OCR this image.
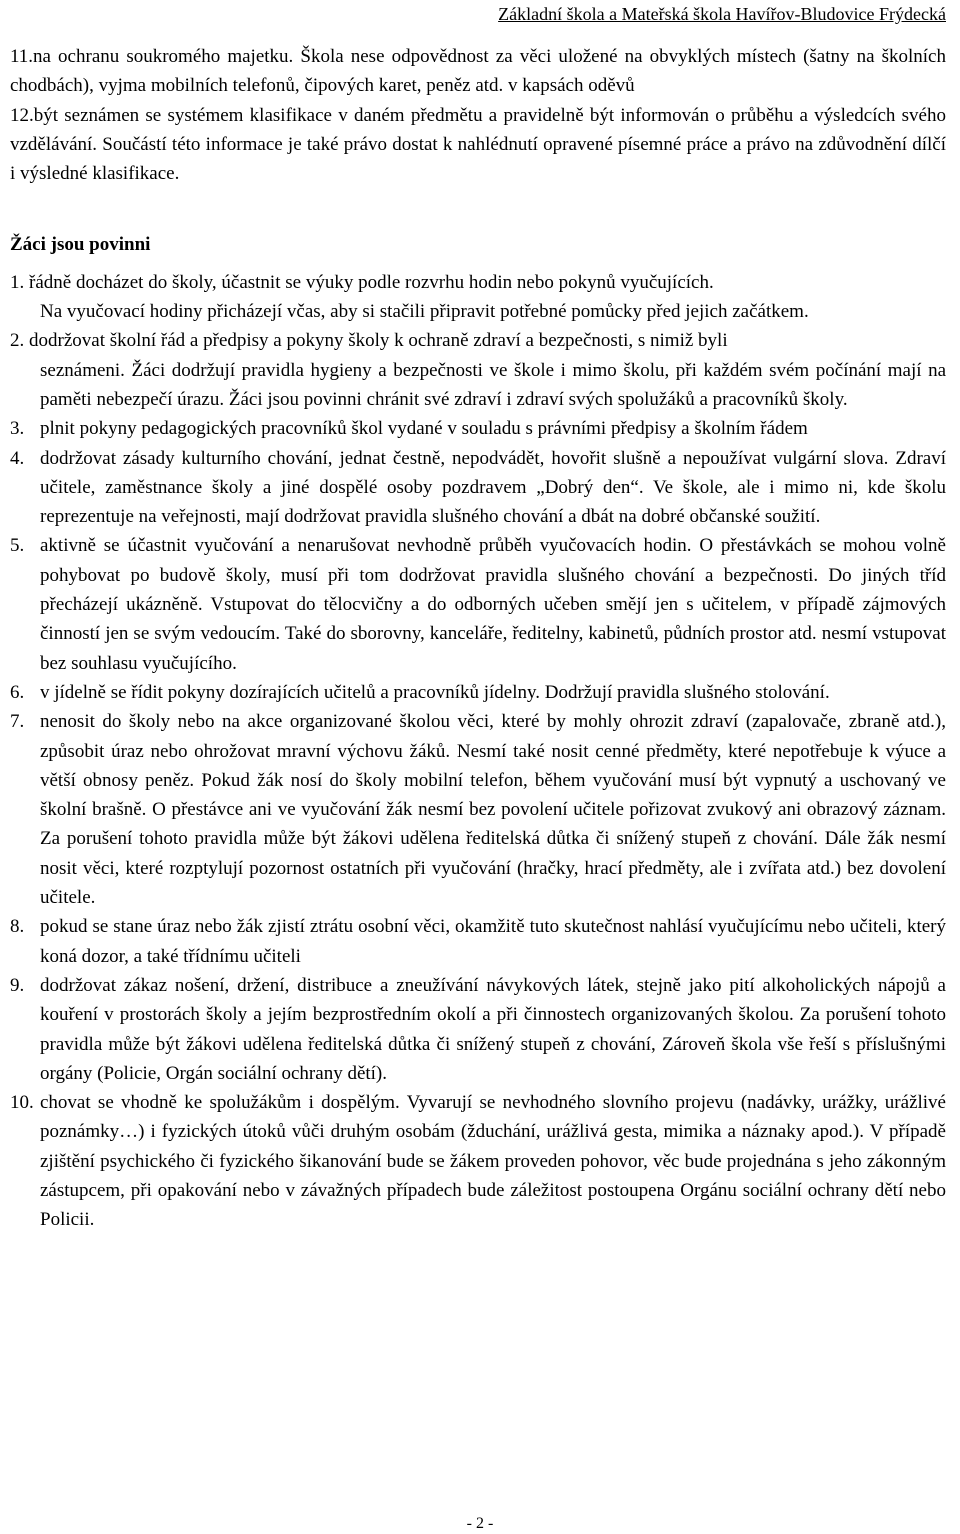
Základní škola a Mateřská škola Havířov-Bludovice Frýdecká

11.na ochranu soukromého majetku. Škola nese odpovědnost za věci uložené na obvyklých místech (šatny na školních chodbách), vyjma mobilních telefonů, čipových karet, peněz atd. v kapsách oděvů

12.být seznámen se systémem klasifikace v daném předmětu a pravidelně být informován o průběhu a výsledcích svého vzdělávání. Součástí této informace je také právo dostat k nahlédnutí opravené písemné práce a právo na zdůvodnění dílčí i výsledné klasifikace.

Žáci jsou povinni

1. řádně docházet do školy, účastnit se výuky podle rozvrhu hodin nebo pokynů vyučujících.

Na vyučovací hodiny přicházejí včas, aby si stačili připravit potřebné pomůcky před jejich začátkem.

2. dodržovat školní řád a předpisy a pokyny školy k ochraně zdraví a bezpečnosti, s nimiž byli

seznámeni. Žáci dodržují pravidla hygieny a bezpečnosti ve škole i mimo školu, při každém svém počínání mají na paměti nebezpečí úrazu. Žáci jsou povinni chránit své zdraví i zdraví svých spolužáků a pracovníků školy.

3. plnit pokyny pedagogických pracovníků škol vydané v souladu s právními předpisy a školním řádem
4. dodržovat zásady kulturního chování, jednat čestně, nepodvádět, hovořit slušně a nepoužívat vulgární slova. Zdraví učitele, zaměstnance školy a jiné dospělé osoby pozdravem „Dobrý den“. Ve škole, ale i mimo ni, kde školu reprezentuje na veřejnosti, mají dodržovat pravidla slušného chování a dbát na dobré občanské soužití.
5. aktivně se účastnit vyučování a nenarušovat nevhodně průběh vyučovacích hodin. O přestávkách se mohou volně pohybovat po budově školy, musí při tom dodržovat pravidla slušného chování a bezpečnosti. Do jiných tříd přecházejí ukázněně. Vstupovat do tělocvičny a do odborných učeben smějí jen s učitelem, v případě zájmových činností jen se svým vedoucím. Také do sborovny, kanceláře, ředitelny, kabinetů, půdních prostor atd. nesmí vstupovat bez souhlasu vyučujícího.
6. v jídelně se řídit pokyny dozírajících učitelů a pracovníků jídelny. Dodržují pravidla slušného stolování.
7. nenosit do školy nebo na akce organizované školou věci, které by mohly ohrozit zdraví (zapalovače, zbraně atd.), způsobit úraz nebo ohrožovat mravní výchovu žáků. Nesmí také nosit cenné předměty, které nepotřebuje k výuce a větší obnosy peněz. Pokud žák nosí do školy mobilní telefon, během vyučování musí být vypnutý a uschovaný ve školní brašně. O přestávce ani ve vyučování žák nesmí bez povolení učitele pořizovat zvukový ani obrazový záznam. Za porušení tohoto pravidla může být žákovi udělena ředitelská důtka či snížený stupeň z chování. Dále žák nesmí nosit věci, které rozptylují pozornost ostatních při vyučování (hračky, hrací předměty, ale i zvířata atd.) bez dovolení učitele.
8. pokud se stane úraz nebo žák zjistí ztrátu osobní věci, okamžitě tuto skutečnost nahlásí vyučujícímu nebo učiteli, který koná dozor, a také třídnímu učiteli
9. dodržovat zákaz nošení, držení, distribuce a zneužívání návykových látek, stejně jako pití alkoholických nápojů a kouření v prostorách školy a jejím bezprostředním okolí a při činnostech organizovaných školou. Za porušení tohoto pravidla může být žákovi udělena ředitelská důtka či snížený stupeň z chování, Zároveň škola vše řeší s příslušnými orgány (Policie, Orgán sociální ochrany dětí).
10. chovat se vhodně ke spolužákům i dospělým. Vyvarují se nevhodného slovního projevu (nadávky, urážky, urážlivé poznámky…) i fyzických útoků vůči druhým osobám (žduchání, urážlivá gesta, mimika a náznaky apod.). V případě zjištění psychického či fyzického šikanování bude se žákem proveden pohovor, věc bude projednána s jeho zákonným zástupcem, při opakování nebo v závažných případech bude záležitost postoupena Orgánu sociální ochrany dětí nebo Policii.
- 2 -
